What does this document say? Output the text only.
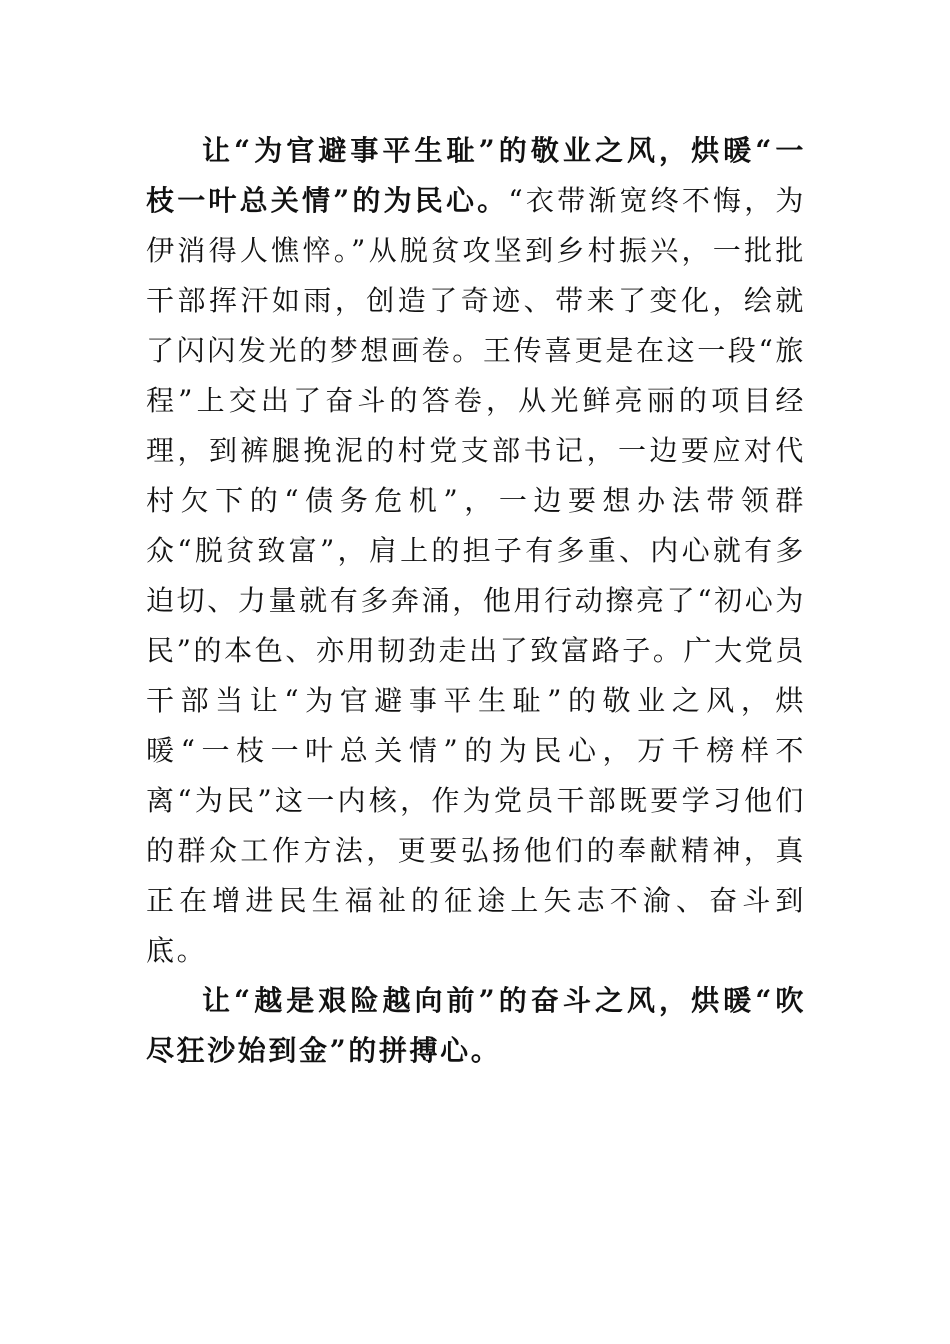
让“为官避事平生耻”的敬业之风，烘暖“一枝一叶总关情”的为民心。“衣带渐宽终不悔，为伊消得人憔悴。”从脱贫攻坚到乡村振兴，一批批干部挥汗如雨，创造了奇迹、带来了变化，绘就了闪闪发光的梦想画卷。王传喜更是在这一段“旅程”上交出了奋斗的答卷，从光鲜亮丽的项目经理，到裤腿挽泥的村党支部书记，一边要应对代村欠下的“债务危机”，一边要想办法带领群众“脱贫致富”，肩上的担子有多重、内心就有多迫切、力量就有多奔涌，他用行动擦亮了“初心为民”的本色、亦用韧劲走出了致富路子。广大党员干部当让“为官避事平生耻”的敬业之风，烘暖“一枝一叶总关情”的为民心，万千榜样不离“为民”这一内核，作为党员干部既要学习他们的群众工作方法，更要弘扬他们的奉献精神，真正在增进民生福祉的征途上矢志不渝、奋斗到底。

让“越是艰险越向前”的奋斗之风，烘暖“吹尽狂沙始到金”的拼搏心。
